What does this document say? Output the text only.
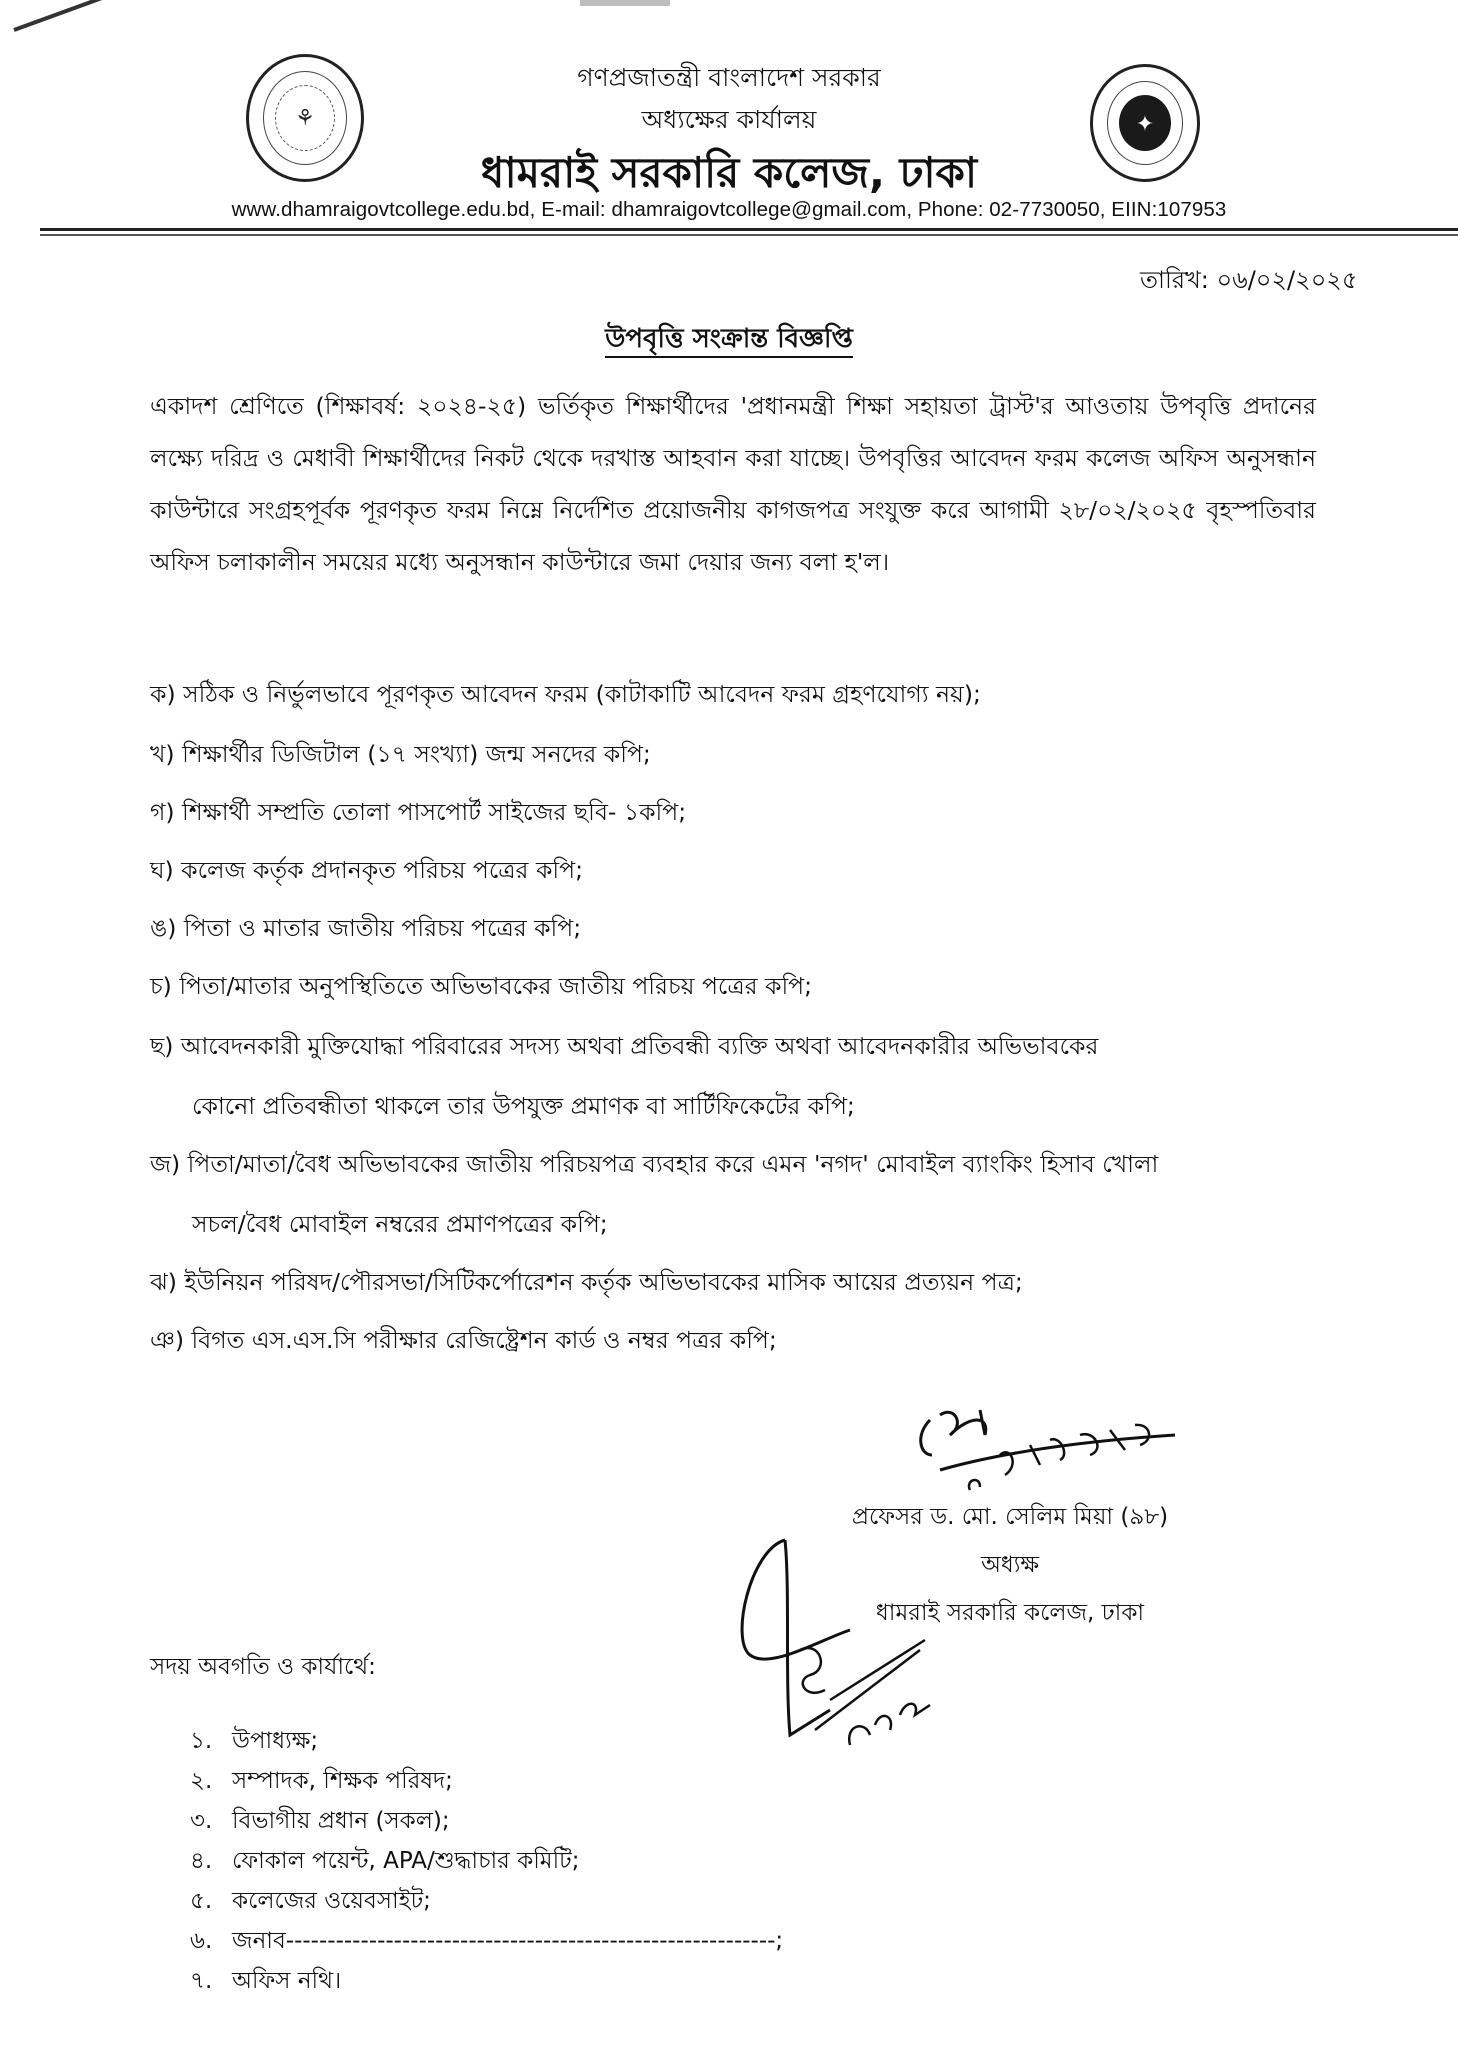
⚘	✦
গণপ্রজাতন্ত্রী বাংলাদেশ সরকার
অধ্যক্ষের কার্যালয়
ধামরাই সরকারি কলেজ, ঢাকা
www.dhamraigovtcollege.edu.bd, E-mail: dhamraigovtcollege@gmail.com, Phone: 02-7730050, EIIN:107953
তারিখ: ০৬/০২/২০২৫
উপবৃত্তি সংক্রান্ত বিজ্ঞপ্তি
একাদশ শ্রেণিতে (শিক্ষাবর্ষ: ২০২৪-২৫) ভর্তিকৃত শিক্ষার্থীদের 'প্রধানমন্ত্রী শিক্ষা সহায়তা ট্রাস্ট'র আওতায় উপবৃত্তি প্রদানের লক্ষ্যে দরিদ্র ও মেধাবী শিক্ষার্থীদের নিকট থেকে দরখাস্ত আহবান করা যাচ্ছে। উপবৃত্তির আবেদন ফরম কলেজ অফিস অনুসন্ধান কাউন্টারে সংগ্রহপূর্বক পূরণকৃত ফরম নিম্নে নির্দেশিত প্রয়োজনীয় কাগজপত্র সংযুক্ত করে আগামী ২৮/০২/২০২৫ বৃহস্পতিবার অফিস চলাকালীন সময়ের মধ্যে অনুসন্ধান কাউন্টারে জমা দেয়ার জন্য বলা হ'ল।
ক) সঠিক ও নির্ভুলভাবে পূরণকৃত আবেদন ফরম (কাটাকাটি আবেদন ফরম গ্রহণযোগ্য নয়);
খ) শিক্ষার্থীর ডিজিটাল (১৭ সংখ্যা) জন্ম সনদের কপি;
গ) শিক্ষার্থী সম্প্রতি তোলা পাসপোর্ট সাইজের ছবি- ১কপি;
ঘ) কলেজ কর্তৃক প্রদানকৃত পরিচয় পত্রের কপি;
ঙ) পিতা ও মাতার জাতীয় পরিচয় পত্রের কপি;
চ) পিতা/মাতার অনুপস্থিতিতে অভিভাবকের জাতীয় পরিচয় পত্রের কপি;
ছ) আবেদনকারী মুক্তিযোদ্ধা পরিবারের সদস্য অথবা প্রতিবন্ধী ব্যক্তি অথবা আবেদনকারীর অভিভাবকের
কোনো প্রতিবন্ধীতা থাকলে তার উপযুক্ত প্রমাণক বা সার্টিফিকেটের কপি;
জ) পিতা/মাতা/বৈধ অভিভাবকের জাতীয় পরিচয়পত্র ব্যবহার করে এমন 'নগদ' মোবাইল ব্যাংকিং হিসাব খোলা
সচল/বৈধ মোবাইল নম্বরের প্রমাণপত্রের কপি;
ঝ) ইউনিয়ন পরিষদ/পৌরসভা/সিটিকর্পোরেশন কর্তৃক অভিভাবকের মাসিক আয়ের প্রত্যয়ন পত্র;
ঞ) বিগত এস.এস.সি পরীক্ষার রেজিষ্ট্রেশন কার্ড ও নম্বর পত্রর কপি;
প্রফেসর ড. মো. সেলিম মিয়া (৯৮)
অধ্যক্ষ
ধামরাই সরকারি কলেজ, ঢাকা
সদয় অবগতি ও কার্যার্থে:
১. উপাধ্যক্ষ;
২. সম্পাদক, শিক্ষক পরিষদ;
৩. বিভাগীয় প্রধান (সকল);
৪. ফোকাল পয়েন্ট, APA/শুদ্ধাচার কমিটি;
৫. কলেজের ওয়েবসাইট;
৬. জনাব-----------------------------------------------------------;
৭. অফিস নথি।
